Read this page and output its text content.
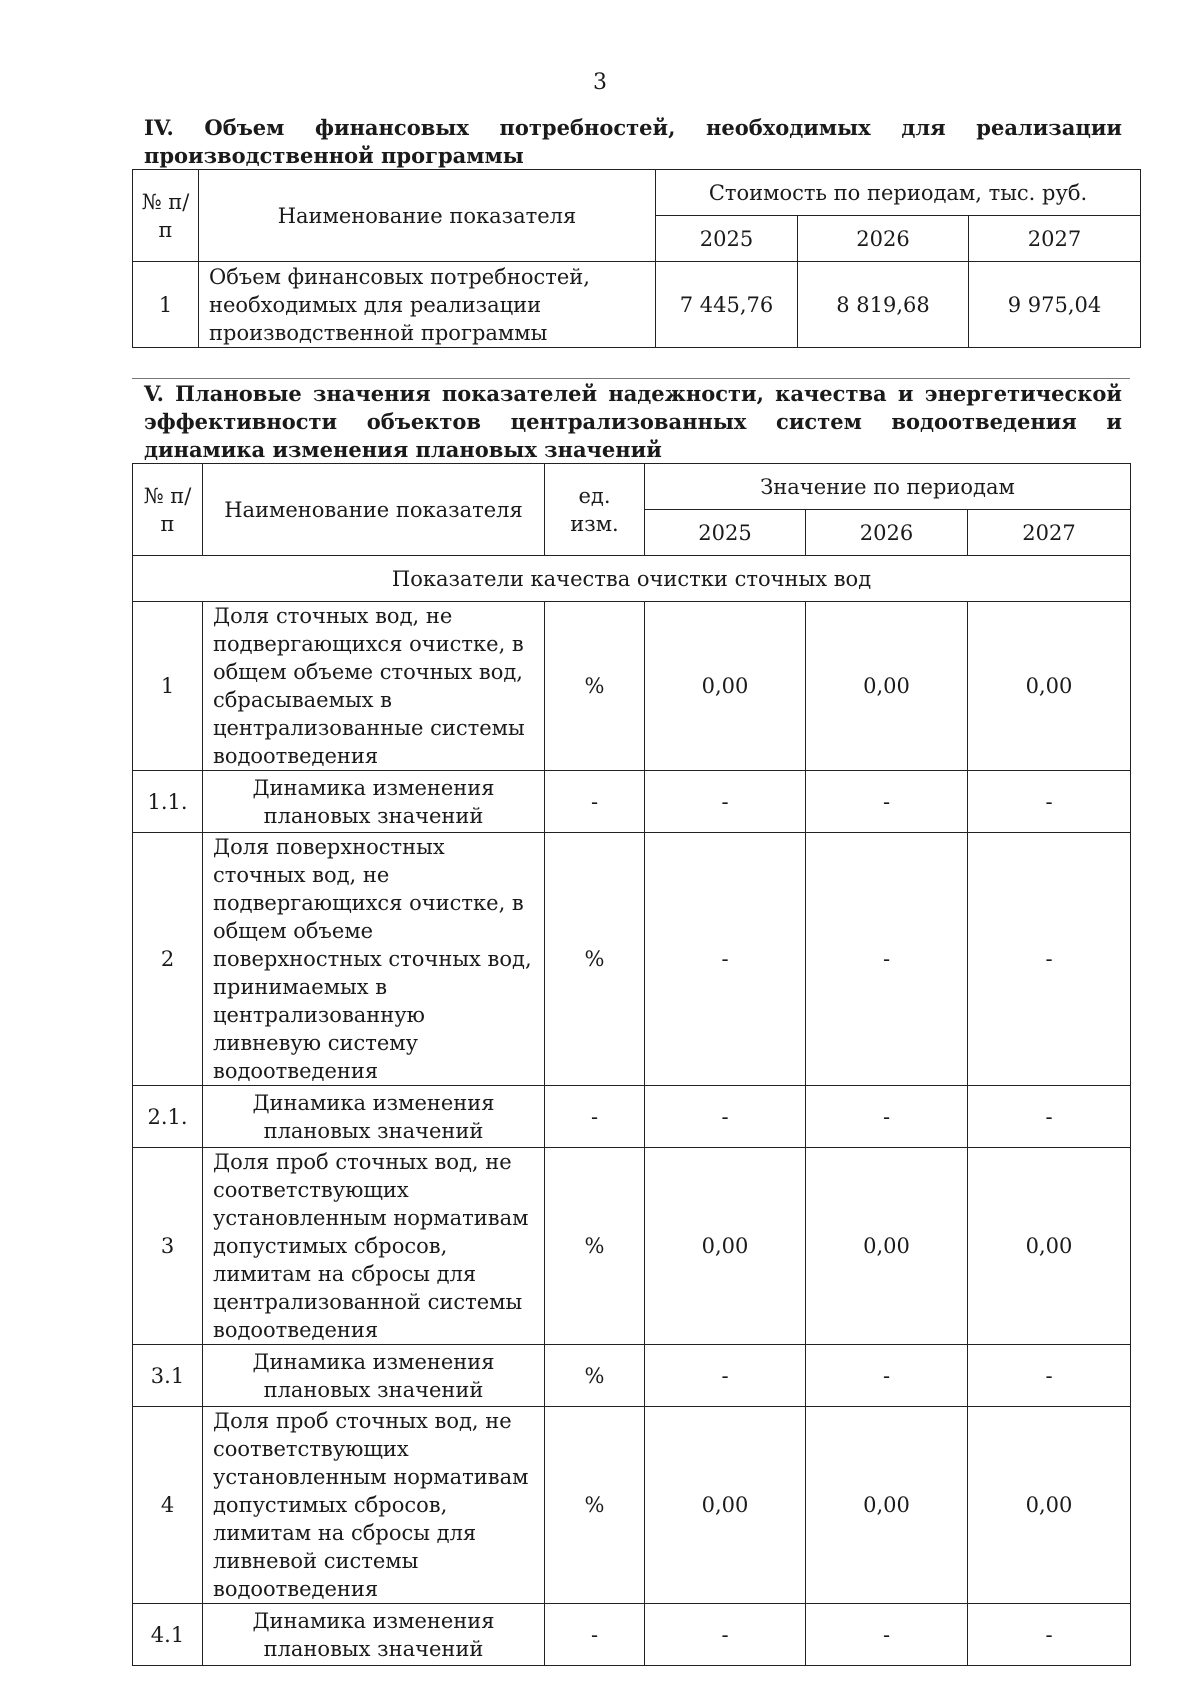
3
IV. Объем финансовых потребностей, необходимых для реализации производственной программы
№ п/п	Наименование показателя	Стоимость по периодам, тыс. руб.		
		2025	2026	2027
1	Объем финансовых потребностей, необходимых для реализации производственной программы	7 445,76	8 819,68	9 975,04
V. Плановые значения показателей надежности, качества и энергетической эффективности объектов централизованных систем водоотведения и динамика изменения плановых значений
№ п/п	Наименование показателя	ед. изм.	Значение по периодам		
			2025	2026	2027
Показатели качества очистки сточных вод					
1	Доля сточных вод, не подвергающихся очистке, в общем объеме сточных вод, сбрасываемых в централизованные системы водоотведения	%	0,00	0,00	0,00
1.1.	Динамика изменения плановых значений	-	-	-	-
2	Доля поверхностных сточных вод, не подвергающихся очистке, в общем объеме поверхностных сточных вод, принимаемых в централизованную ливневую систему водоотведения	%	-	-	-
2.1.	Динамика изменения плановых значений	-	-	-	-
3	Доля проб сточных вод, не соответствующих установленным нормативам допустимых сбросов, лимитам на сбросы для централизованной системы водоотведения	%	0,00	0,00	0,00
3.1	Динамика изменения плановых значений	%	-	-	-
4	Доля проб сточных вод, не соответствующих установленным нормативам допустимых сбросов, лимитам на сбросы для ливневой системы водоотведения	%	0,00	0,00	0,00
4.1	Динамика изменения плановых значений	-	-	-	-
